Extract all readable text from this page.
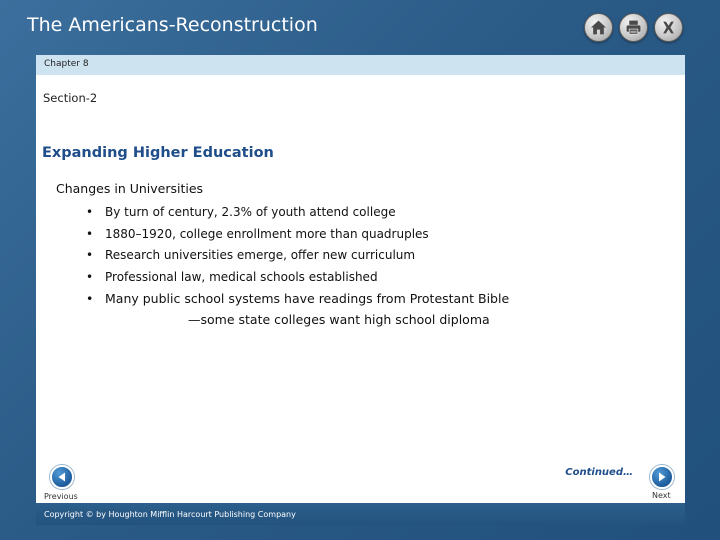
The Americans-Reconstruction
Chapter 8
Section-2
Expanding Higher Education
Changes in Universities
• By turn of century, 2.3% of youth attend college
• 1880–1920, college enrollment more than quadruples
• Research universities emerge, offer new curriculum
• Professional law, medical schools established
• Many public school systems have readings from Protestant Bible
—some state colleges want high school diploma
Continued…
Previous	Next
Copyright © by Houghton Mifflin Harcourt Publishing Company
